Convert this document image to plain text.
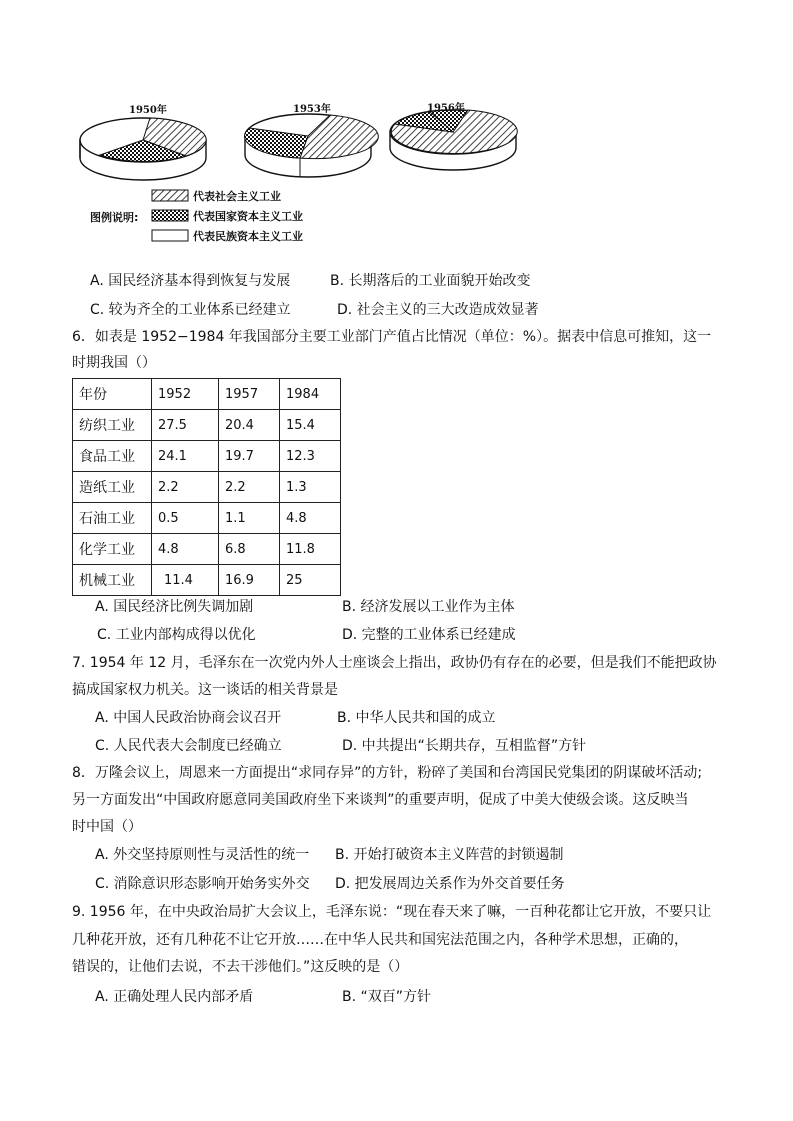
1950年	1953年	1956年
图例说明:
代表社会主义工业
代表国家资本主义工业
代表民族资本主义工业
A. 国民经济基本得到恢复与发展	B. 长期落后的工业面貌开始改变
C. 较为齐全的工业体系已经建立	D. 社会主义的三大改造成效显著
6．如表是 1952−1984 年我国部分主要工业部门产值占比情况（单位：%）。据表中信息可推知，这一
时期我国（）
年份	1952	1957	1984
纺织工业	27.5	20.4	15.4
食品工业	24.1	19.7	12.3
造纸工业	2.2	2.2	1.3
石油工业	0.5	1.1	4.8
化学工业	4.8	6.8	11.8
机械工业	11.4	16.9	25
A. 国民经济比例失调加剧	B. 经济发展以工业作为主体
C. 工业内部构成得以优化	D. 完整的工业体系已经建成
7. 1954 年 12 月，毛泽东在一次党内外人士座谈会上指出，政协仍有存在的必要，但是我们不能把政协
搞成国家权力机关。这一谈话的相关背景是
A. 中国人民政治协商会议召开	B. 中华人民共和国的成立
C. 人民代表大会制度已经确立	D. 中共提出“长期共存，互相监督”方针
8．万隆会议上，周恩来一方面提出“求同存异”的方针，粉碎了美国和台湾国民党集团的阴谋破坏活动;
另一方面发出“中国政府愿意同美国政府坐下来谈判”的重要声明，促成了中美大使级会谈。这反映当
时中国（）
A. 外交坚持原则性与灵活性的统一 B. 开始打破资本主义阵营的封锁遏制
C. 消除意识形态影响开始务实外交 D. 把发展周边关系作为外交首要任务
9. 1956 年，在中央政治局扩大会议上，毛泽东说：“现在春天来了嘛，一百种花都让它开放，不要只让
几种花开放，还有几种花不让它开放……在中华人民共和国宪法范围之内，各种学术思想，正确的，
错误的，让他们去说，不去干涉他们。”这反映的是（）
A. 正确处理人民内部矛盾	B. “双百”方针
